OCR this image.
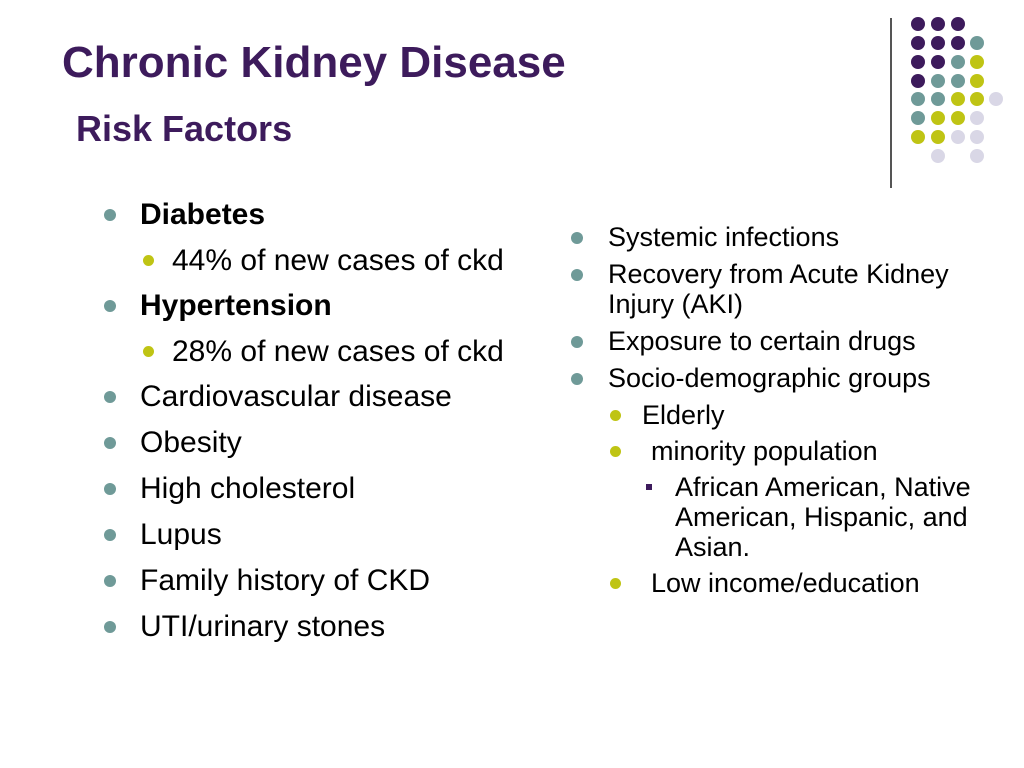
Chronic Kidney Disease
Risk Factors
Diabetes
44% of new cases of ckd
Hypertension
28% of new cases of ckd
Cardiovascular disease
Obesity
High cholesterol
Lupus
Family history of CKD
UTI/urinary stones
Systemic infections
Recovery from Acute Kidney Injury (AKI)
Exposure to certain drugs
Socio-demographic groups
Elderly
minority population
African American, Native American, Hispanic, and Asian.
Low income/education
